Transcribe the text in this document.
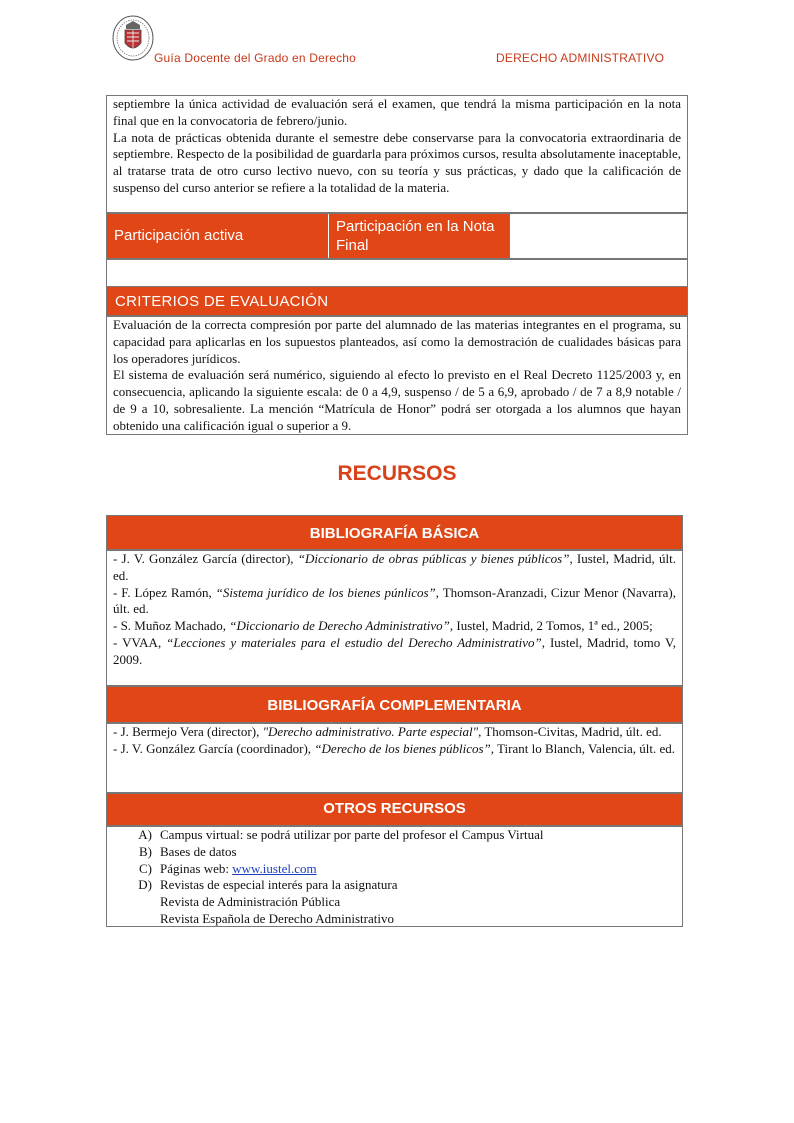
Guía Docente del Grado en Derecho	DERECHO ADMINISTRATIVO

septiembre la única actividad de evaluación será el examen, que tendrá la misma participación en la nota final que en la convocatoria de febrero/junio.

La nota de prácticas obtenida durante el semestre debe conservarse para la convocatoria extraordinaria de septiembre. Respecto de la posibilidad de guardarla para próximos cursos, resulta absolutamente inaceptable, al tratarse trata de otro curso lectivo nuevo, con su teoría y sus prácticas, y dado que la calificación de suspenso del curso anterior se refiere a la totalidad de la materia.

Participación activa
Participación en la Nota Final
CRITERIOS DE EVALUACIÓN

Evaluación de la correcta compresión por parte del alumnado de las materias integrantes en el programa, su capacidad para aplicarlas en los supuestos planteados, así como la demostración de cualidades básicas para los operadores jurídicos.

El sistema de evaluación será numérico, siguiendo al efecto lo previsto en el Real Decreto 1125/2003 y, en consecuencia, aplicando la siguiente escala: de 0 a 4,9, suspenso / de 5 a 6,9, aprobado / de 7 a 8,9 notable / de 9 a 10, sobresaliente. La mención “Matrícula de Honor” podrá ser otorgada a los alumnos que hayan obtenido una calificación igual o superior a 9.

RECURSOS
BIBLIOGRAFÍA BÁSICA

- J. V. González García (director), “Diccionario de obras públicas y bienes públicos”, Iustel, Madrid, últ. ed.

- F. López Ramón, “Sistema jurídico de los bienes púnlicos”, Thomson-Aranzadi, Cizur Menor (Navarra), últ. ed.

- S. Muñoz Machado, “Diccionario de Derecho Administrativo”, Iustel, Madrid, 2 Tomos, 1ª ed., 2005;

- VVAA, “Lecciones y materiales para el estudio del Derecho Administrativo”, Iustel, Madrid, tomo V, 2009.

BIBLIOGRAFÍA COMPLEMENTARIA

- J. Bermejo Vera (director), "Derecho administrativo. Parte especial", Thomson-Civitas, Madrid, últ. ed.

- J. V. González García (coordinador), “Derecho de los bienes públicos”, Tirant lo Blanch, Valencia, últ. ed.

OTROS RECURSOS
A) Campus virtual: se podrá utilizar por parte del profesor el Campus Virtual
B) Bases de datos
C) Páginas web: www.iustel.com
D) Revistas de especial interés para la asignatura
Revista de Administración Pública
Revista Española de Derecho Administrativo
